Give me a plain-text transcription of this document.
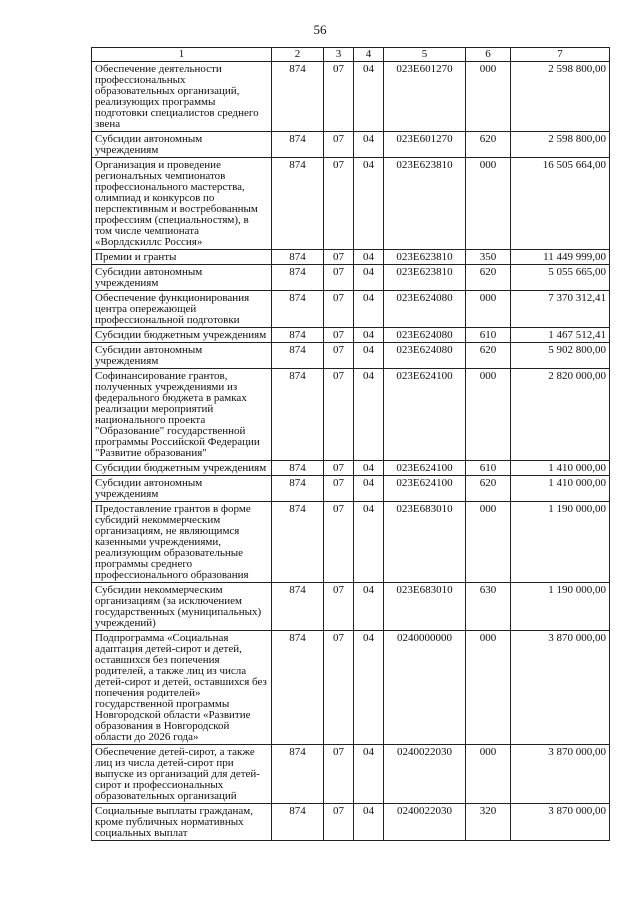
56
1	2	3	4	5	6	7
Обеспечение деятельности профессиональных образовательных организаций, реализующих программы подготовки специалистов среднего звена	874	07	04	023Е601270	000	2 598 800,00
Субсидии автономным учреждениям	874	07	04	023Е601270	620	2 598 800,00
Организация и проведение регионалъных чемпионатов профессионального мастерства, олимпиад и конкурсов по перспективным и востребованным профессиям (специальностям), в том числе чемпионата «Ворлдскиллс Россия»	874	07	04	023Е623810	000	16 505 664,00
Премии и гранты	874	07	04	023Е623810	350	11 449 999,00
Субсидии автономным учреждениям	874	07	04	023Е623810	620	5 055 665,00
Обеспечение функционирования центра опережающей профессиональной подготовки	874	07	04	023Е624080	000	7 370 312,41
Субсидии бюджетным учреждениям	874	07	04	023Е624080	610	1 467 512,41
Субсидии автономным учреждениям	874	07	04	023Е624080	620	5 902 800,00
Софинансирование грантов, полученных учреждениями из федерального бюджета в рамках реализации мероприятий национального проекта "Образование" государственной программы Российской Федерации "Развитие образования"	874	07	04	023Е624100	000	2 820 000,00
Субсидии бюджетным учреждениям	874	07	04	023Е624100	610	1 410 000,00
Субсидии автономным учреждениям	874	07	04	023Е624100	620	1 410 000,00
Предоставление грантов в форме субсидий некоммерческим организациям, не являющимся казенными учреждениями, реализующим образовательные программы среднего профессионального образования	874	07	04	023Е683010	000	1 190 000,00
Субсидии некоммерческим организациям (за исключением государственных (муниципальных) учреждений)	874	07	04	023Е683010	630	1 190 000,00
Подпрограмма «Социальная адаптация детей-сирот и детей, оставшихся без попечения родителей, а также лиц из числа детей-сирот и детей, оставшихся без попечения родителей» государственной программы Новгородской области «Развитие образования в Новгородской области до 2026 года»	874	07	04	0240000000	000	3 870 000,00
Обеспечение детей-сирот, а также лиц из числа детей-сирот при выпуске из организаций для детей-сирот и профессиональных образовательных организаций	874	07	04	0240022030	000	3 870 000,00
Социальные выплаты гражданам, кроме публичных нормативных социальных выплат	874	07	04	0240022030	320	3 870 000,00
